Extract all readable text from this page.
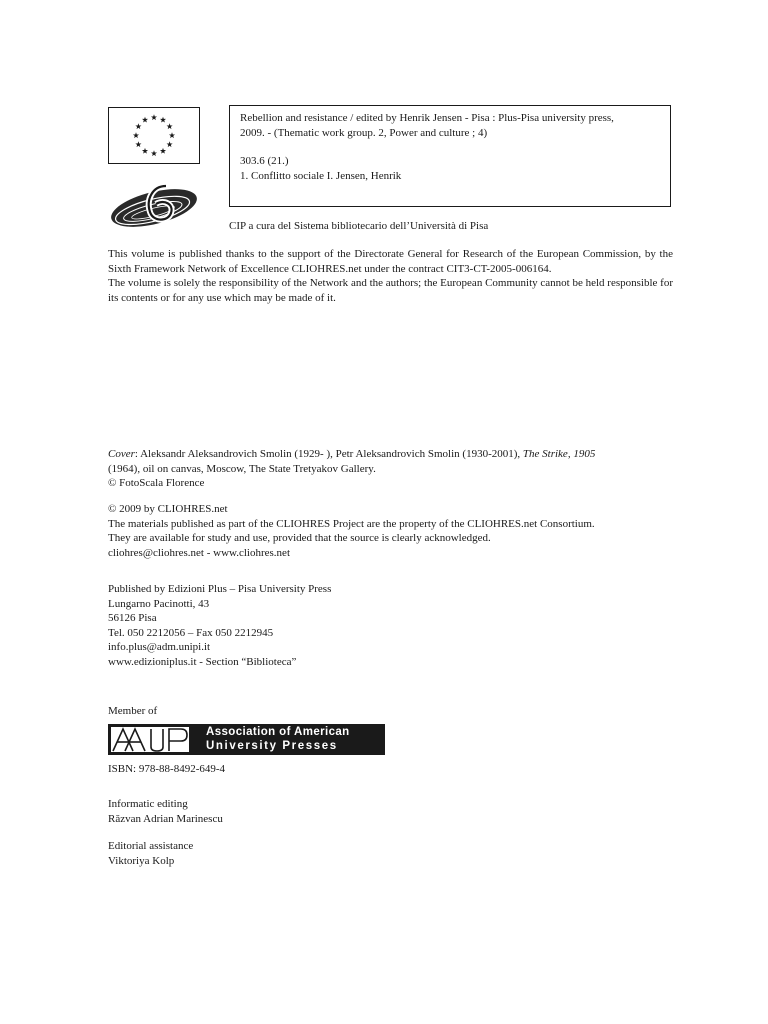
Rebellion and resistance / edited by Henrik Jensen - Pisa : Plus-Pisa university press,

2009. - (Thematic work group. 2, Power and culture ; 4)

303.6 (21.)

1. Conflitto sociale I. Jensen, Henrik

CIP a cura del Sistema bibliotecario dell’Università di Pisa

This volume is published thanks to the support of the Directorate General for Research of the European Commission, by the Sixth Framework Network of Excellence CLIOHRES.net under the contract CIT3-CT-2005-006164.

The volume is solely the responsibility of the Network and the authors; the European Community cannot be held responsible for its contents or for any use which may be made of it.

Cover: Aleksandr Aleksandrovich Smolin (1929- ), Petr Aleksandrovich Smolin (1930-2001), The Strike, 1905

(1964), oil on canvas, Moscow, The State Tretyakov Gallery.

© FotoScala Florence

© 2009 by CLIOHRES.net

The materials published as part of the CLIOHRES Project are the property of the CLIOHRES.net Consortium.

They are available for study and use, provided that the source is clearly acknowledged.

cliohres@cliohres.net - www.cliohres.net

Published by Edizioni Plus – Pisa University Press

Lungarno Pacinotti, 43

56126 Pisa

Tel. 050 2212056 – Fax 050 2212945

info.plus@adm.unipi.it

www.edizioniplus.it - Section “Biblioteca”

Member of
Association of American
University Presses
ISBN: 978-88-8492-649-4

Informatic editing

Răzvan Adrian Marinescu

Editorial assistance

Viktoriya Kolp
